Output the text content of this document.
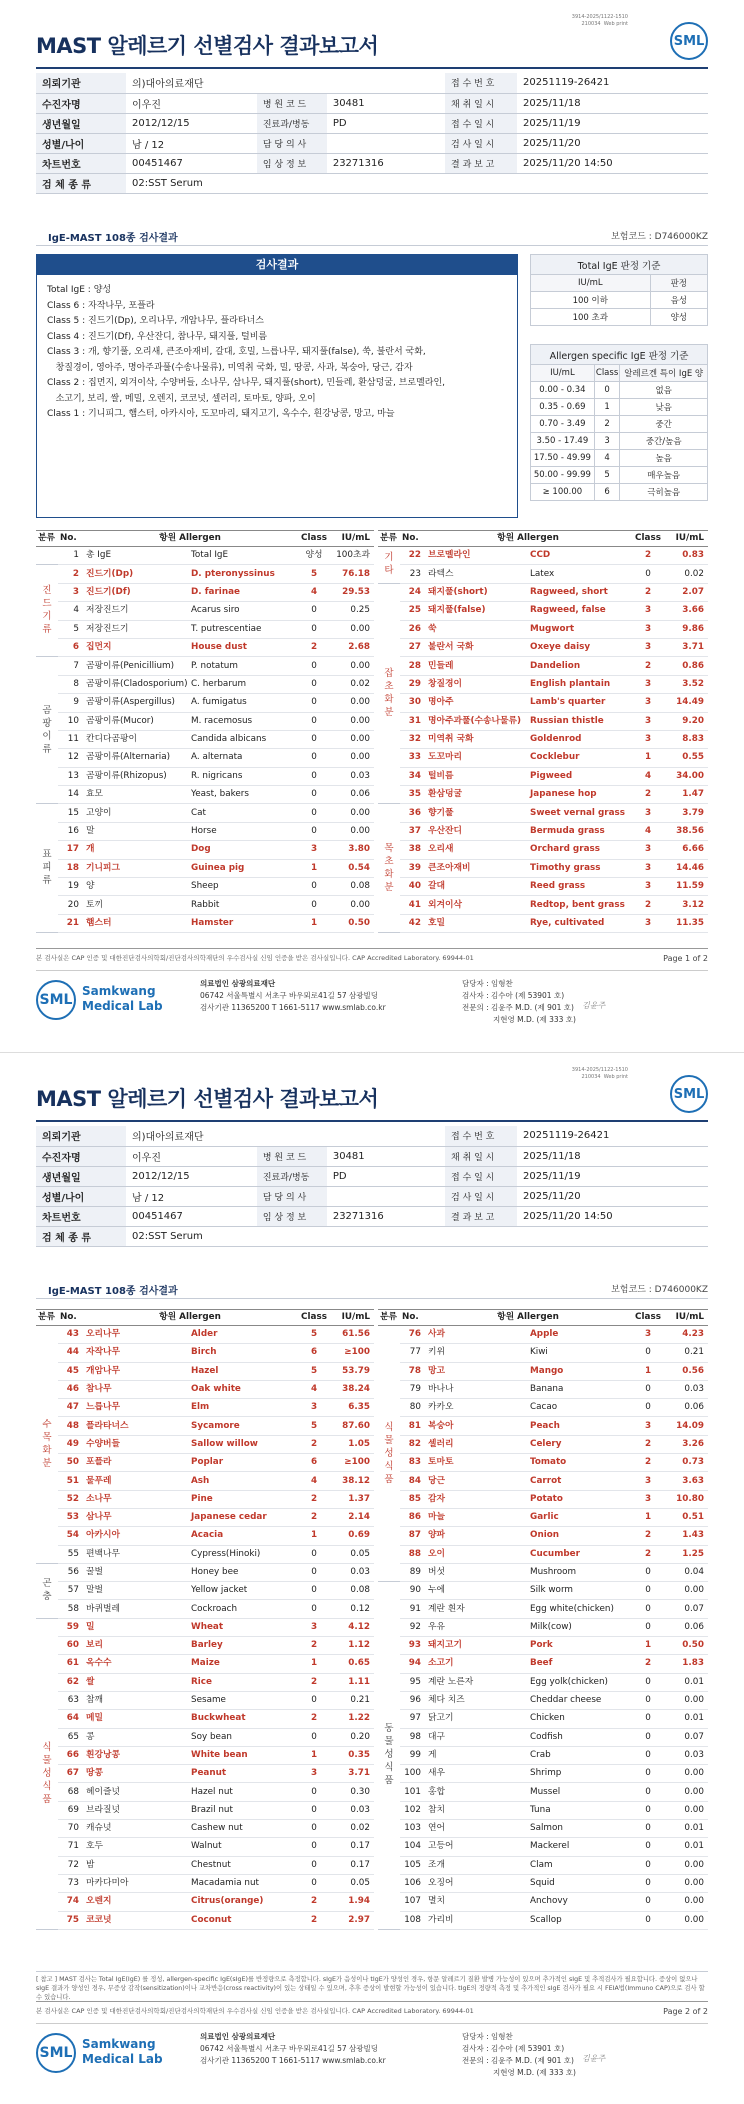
MAST 알레르기 선별검사 결과보고서
3914-2025/1122-1510
210034  Web print
SML
의뢰기관	의)대아의료재단			접 수 번 호	20251119-26421
수진자명	이우진	병 원 코 드	30481	채 취 일 시	2025/11/18
생년월일	2012/12/15	진료과/병동	PD	접 수 일 시	2025/11/19
성별/나이	남 / 12	담 당 의 사		검 사 일 시	2025/11/20
차트번호	00451467	임 상 정 보	23271316	결 과 보 고	2025/11/20 14:50
검 체 종 류	02:SST Serum				
IgE-MAST 108종 검사결과	보험코드 : D746000KZ
검사결과
Total IgE : 양성
Class 6 : 자작나무, 포플라
Class 5 : 진드기(Dp), 오리나무, 개암나무, 플라타너스
Class 4 : 진드기(Df), 우산잔디, 참나무, 돼지풀, 털비름
Class 3 : 개, 향기풀, 오리새, 큰조아재비, 갈대, 호밀, 느릅나무, 돼지풀(false), 쑥, 불란서 국화,
창질경이, 영아주, 명아주과풀(수송나물류), 미역취 국화, 밀, 땅콩, 사과, 복숭아, 당근, 감자
Class 2 : 집먼지, 외겨이삭, 수양버들, 소나무, 삼나무, 돼지풀(short), 민들레, 환삼덩굴, 브로멜라인,
소고기, 보리, 쌀, 메밀, 오렌지, 코코넛, 셀러리, 토마토, 양파, 오이
Class 1 : 기니피그, 햄스터, 아카시아, 도꼬마리, 돼지고기, 옥수수, 흰강낭콩, 망고, 마늘
Total IgE 판정 기준	
IU/mL	판정
100 이하	음성
100 초과	양성
Allergen specific IgE 판정 기준		
IU/mL	Class	알레르겐 특이 IgE 양
0.00 - 0.34	0	없음
0.35 - 0.69	1	낮음
0.70 - 3.49	2	중간
3.50 - 17.49	3	중간/높음
17.50 - 49.99	4	높음
50.00 - 99.99	5	매우높음
≥ 100.00	6	극히높음
분류	No.	항원 Allergen		Class	IU/mL
	1	총 IgE	Total IgE	양성	100초과
진드기류	2	진드기(Dp)	D. pteronyssinus	5	76.18
	3	진드기(Df)	D. farinae	4	29.53
	4	저장진드기	Acarus siro	0	0.25
	5	저장진드기	T. putrescentiae	0	0.00
	6	집먼지	House dust	2	2.68
곰팡이류	7	곰팡이류(Penicillium)	P. notatum	0	0.00
	8	곰팡이류(Cladosporium)	C. herbarum	0	0.02
	9	곰팡이류(Aspergillus)	A. fumigatus	0	0.00
	10	곰팡이류(Mucor)	M. racemosus	0	0.00
	11	칸디다곰팡이	Candida albicans	0	0.00
	12	곰팡이류(Alternaria)	A. alternata	0	0.00
	13	곰팡이류(Rhizopus)	R. nigricans	0	0.03
	14	효모	Yeast, bakers	0	0.06
표피류	15	고양이	Cat	0	0.00
	16	말	Horse	0	0.00
	17	개	Dog	3	3.80
	18	기니피그	Guinea pig	1	0.54
	19	양	Sheep	0	0.08
	20	토끼	Rabbit	0	0.00
	21	햄스터	Hamster	1	0.50
분류	No.	항원 Allergen		Class	IU/mL
기타	22	브로멜라인	CCD	2	0.83
	23	라텍스	Latex	0	0.02
잡초화분	24	돼지풀(short)	Ragweed, short	2	2.07
	25	돼지풀(false)	Ragweed, false	3	3.66
	26	쑥	Mugwort	3	9.86
	27	불란서 국화	Oxeye daisy	3	3.71
	28	민들레	Dandelion	2	0.86
	29	창질경이	English plantain	3	3.52
	30	명아주	Lamb's quarter	3	14.49
	31	명아주과풀(수송나물류)	Russian thistle	3	9.20
	32	미역취 국화	Goldenrod	3	8.83
	33	도꼬마리	Cocklebur	1	0.55
	34	털비름	Pigweed	4	34.00
	35	환삼덩굴	Japanese hop	2	1.47
목초화분	36	향기풀	Sweet vernal grass	3	3.79
	37	우산잔디	Bermuda grass	4	38.56
	38	오리새	Orchard grass	3	6.66
	39	큰조아재비	Timothy grass	3	14.46
	40	갈대	Reed grass	3	11.59
	41	외겨이삭	Redtop, bent grass	2	3.12
	42	호밀	Rye, cultivated	3	11.35
본 검사실은 CAP 인증 및 대한진단검사의학회/진단검사의학재단의 우수검사실 신임 인증을 받은 검사실입니다. CAP Accredited Laboratory. 69944-01	Page 1 of 2
SML
Samkwang
Medical Lab
의료법인 삼광의료재단
06742 서울특별시 서초구 바우뫼로41길 57 삼광빌딩
검사기관 11365200 T 1661-5117 www.smlab.co.kr
담당자 : 임형찬
검사자 : 김수아 (제 53901 호)
전문의 : 김윤주 M.D. (제 901 호)
지현영 M.D. (제 333 호)
김윤주
MAST 알레르기 선별검사 결과보고서
3914-2025/1122-1510
210034  Web print
SML
의뢰기관	의)대아의료재단			접 수 번 호	20251119-26421
수진자명	이우진	병 원 코 드	30481	채 취 일 시	2025/11/18
생년월일	2012/12/15	진료과/병동	PD	접 수 일 시	2025/11/19
성별/나이	남 / 12	담 당 의 사		검 사 일 시	2025/11/20
차트번호	00451467	임 상 정 보	23271316	결 과 보 고	2025/11/20 14:50
검 체 종 류	02:SST Serum				
IgE-MAST 108종 검사결과	보험코드 : D746000KZ
분류	No.	항원 Allergen		Class	IU/mL
수목화분	43	오리나무	Alder	5	61.56
	44	자작나무	Birch	6	≥100
	45	개암나무	Hazel	5	53.79
	46	참나무	Oak white	4	38.24
	47	느릅나무	Elm	3	6.35
	48	플라타너스	Sycamore	5	87.60
	49	수양버들	Sallow willow	2	1.05
	50	포플라	Poplar	6	≥100
	51	물푸레	Ash	4	38.12
	52	소나무	Pine	2	1.37
	53	삼나무	Japanese cedar	2	2.14
	54	아카시아	Acacia	1	0.69
	55	편백나무	Cypress(Hinoki)	0	0.05
곤충	56	꿀벌	Honey bee	0	0.03
	57	말벌	Yellow jacket	0	0.08
	58	바퀴벌레	Cockroach	0	0.12
식물성식품	59	밀	Wheat	3	4.12
	60	보리	Barley	2	1.12
	61	옥수수	Maize	1	0.65
	62	쌀	Rice	2	1.11
	63	참깨	Sesame	0	0.21
	64	메밀	Buckwheat	2	1.22
	65	콩	Soy bean	0	0.20
	66	흰강낭콩	White bean	1	0.35
	67	땅콩	Peanut	3	3.71
	68	헤이즐넛	Hazel nut	0	0.30
	69	브라질넛	Brazil nut	0	0.03
	70	캐슈넛	Cashew nut	0	0.02
	71	호두	Walnut	0	0.17
	72	밤	Chestnut	0	0.17
	73	마카다미아	Macadamia nut	0	0.05
	74	오렌지	Citrus(orange)	2	1.94
	75	코코넛	Coconut	2	2.97
분류	No.	항원 Allergen		Class	IU/mL
식물성식품	76	사과	Apple	3	4.23
	77	키위	Kiwi	0	0.21
	78	망고	Mango	1	0.56
	79	바나나	Banana	0	0.03
	80	카카오	Cacao	0	0.06
	81	복숭아	Peach	3	14.09
	82	셀러리	Celery	2	3.26
	83	토마토	Tomato	2	0.73
	84	당근	Carrot	3	3.63
	85	감자	Potato	3	10.80
	86	마늘	Garlic	1	0.51
	87	양파	Onion	2	1.43
	88	오이	Cucumber	2	1.25
	89	버섯	Mushroom	0	0.04
동물성식품	90	누에	Silk worm	0	0.00
	91	계란 흰자	Egg white(chicken)	0	0.07
	92	우유	Milk(cow)	0	0.06
	93	돼지고기	Pork	1	0.50
	94	소고기	Beef	2	1.83
	95	계란 노른자	Egg yolk(chicken)	0	0.01
	96	체다 치즈	Cheddar cheese	0	0.00
	97	닭고기	Chicken	0	0.01
	98	대구	Codfish	0	0.07
	99	게	Crab	0	0.03
	100	새우	Shrimp	0	0.00
	101	홍합	Mussel	0	0.00
	102	참치	Tuna	0	0.00
	103	연어	Salmon	0	0.01
	104	고등어	Mackerel	0	0.01
	105	조개	Clam	0	0.00
	106	오징어	Squid	0	0.00
	107	멸치	Anchovy	0	0.00
	108	가리비	Scallop	0	0.00
[ 참고 ] MAST 검사는 Total IgE(IgE) 를 정성, allergen-specific IgE(sIgE)를 반정량으로 측정합니다. sIgE가 음성이나 tIgE가 양성인 경우, 항문 알레르기 질환 발병 가능성이 있으며 추가적인 sIgE 및 추적검사가 필요합니다. 증상이 없으나 sIgE 결과가 양성인 경우, 무증상 감작(sensitization)이나 교차반응(cross reactivity)이 있는 상태일 수 있으며, 추후 증상이 발현할 가능성이 있습니다. tIgE의 정량적 측정 및 추가적인 sIgE 검사가 필요 시 FEIA법(Immuno CAP)으로 검사 할 수 있습니다.
본 검사실은 CAP 인증 및 대한진단검사의학회/진단검사의학재단의 우수검사실 신임 인증을 받은 검사실입니다. CAP Accredited Laboratory. 69944-01	Page 2 of 2
SML
Samkwang
Medical Lab
의료법인 삼광의료재단
06742 서울특별시 서초구 바우뫼로41길 57 삼광빌딩
검사기관 11365200 T 1661-5117 www.smlab.co.kr
담당자 : 임형찬
검사자 : 김수아 (제 53901 호)
전문의 : 김윤주 M.D. (제 901 호)
지현영 M.D. (제 333 호)
김윤주
